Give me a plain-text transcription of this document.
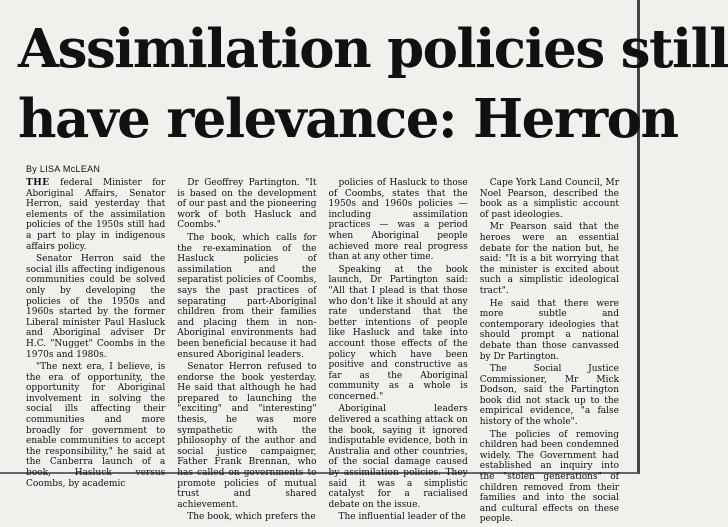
Assimilation policies still
have relevance: Herron
By LISA McLEAN

THE federal Minister for Aboriginal Affairs, Senator Herron, said yesterday that elements of the assimilation policies of the 1950s still had a part to play in indigenous affairs policy.

Senator Herron said the social ills affecting indigenous communities could be solved only by developing the policies of the 1950s and 1960s started by the former Liberal minister Paul Hasluck and Aboriginal adviser Dr H.C. "Nugget" Coombs in the 1970s and 1980s.

"The next era, I believe, is the era of opportunity, the opportunity for Aboriginal involvement in solving the social ills affecting their communities and more broadly for government to enable communities to accept the responsibility," he said at the Canberra launch of a book, Hasluck versus Coombs, by academic

Dr Geoffrey Partington. "It is based on the development of our past and the pioneering work of both Hasluck and Coombs."

The book, which calls for the re-examination of the Hasluck policies of assimilation and the separatist policies of Coombs, says the past practices of separating part-Aboriginal children from their families and placing them in non-Aboriginal environments had been beneficial because it had ensured Aboriginal leaders.

Senator Herron refused to endorse the book yesterday. He said that although he had prepared to launching the "exciting" and "interesting" thesis, he was more sympathetic with the philosophy of the author and social justice campaigner, Father Frank Brennan, who has called on governments to promote policies of mutual trust and shared achievement.

The book, which prefers the

policies of Hasluck to those of Coombs, states that the 1950s and 1960s policies — including assimilation practices — was a period when Aboriginal people achieved more real progress than at any other time.

Speaking at the book launch, Dr Partington said: "All that I plead is that those who don't like it should at any rate understand that the better intentions of people like Hasluck and take into account those effects of the policy which have been positive and constructive as far as the Aboriginal community as a whole is concerned."

Aboriginal leaders delivered a scathing attack on the book, saying it ignored indisputable evidence, both in Australia and other countries, of the social damage caused by assimilation policies. They said it was a simplistic catalyst for a racialised debate on the issue.

The influential leader of the

Cape York Land Council, Mr Noel Pearson, described the book as a simplistic account of past ideologies.

Mr Pearson said that the heroes were an essential debate for the nation but, he said: "It is a bit worrying that the minister is excited about such a simplistic ideological tract".

He said that there were more subtle and contemporary ideologies that should prompt a national debate than those canvassed by Dr Partington.

The Social Justice Commissioner, Mr Mick Dodson, said the Partington book did not stack up to the empirical evidence, "a false history of the whole".

The policies of removing children had been condemned widely. The Government had established an inquiry into the "stolen generations" of children removed from their families and into the social and cultural effects on these people.
